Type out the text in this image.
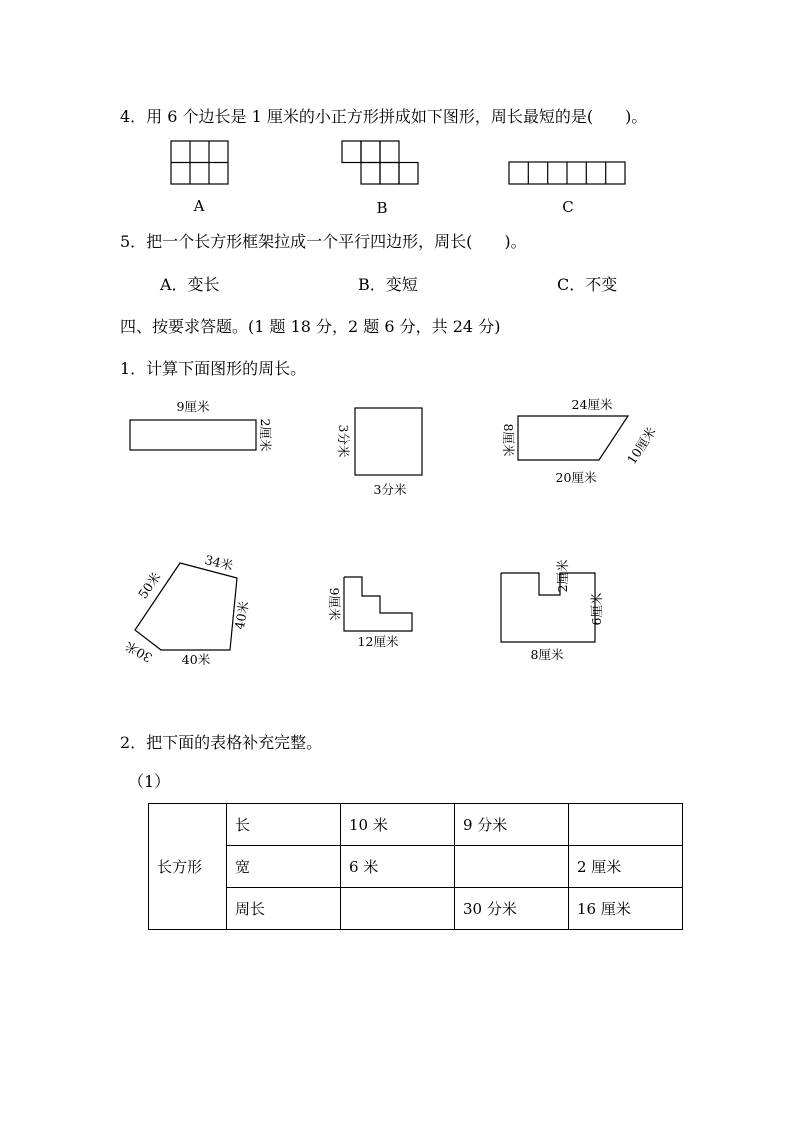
4．用 6 个边长是 1 厘米的小正方形拼成如下图形，周长最短的是(　　)。
A	B	C
9厘米
2厘米	3分米
3分米
24厘米
8厘米	10厘米
20厘米
34米
50米
40米
30米 40米
9厘米
12厘米
2厘米
6厘米
8厘米
5．把一个长方形框架拉成一个平行四边形，周长(　　)。
A．变长	B．变短	C．不变
四、按要求答题。(1 题 18 分，2 题 6 分，共 24 分)
1．计算下面图形的周长。
2．把下面的表格补充完整。
（1）
长方形	长	10 米	9 分米	
	宽	6 米		2 厘米
	周长		30 分米	16 厘米
